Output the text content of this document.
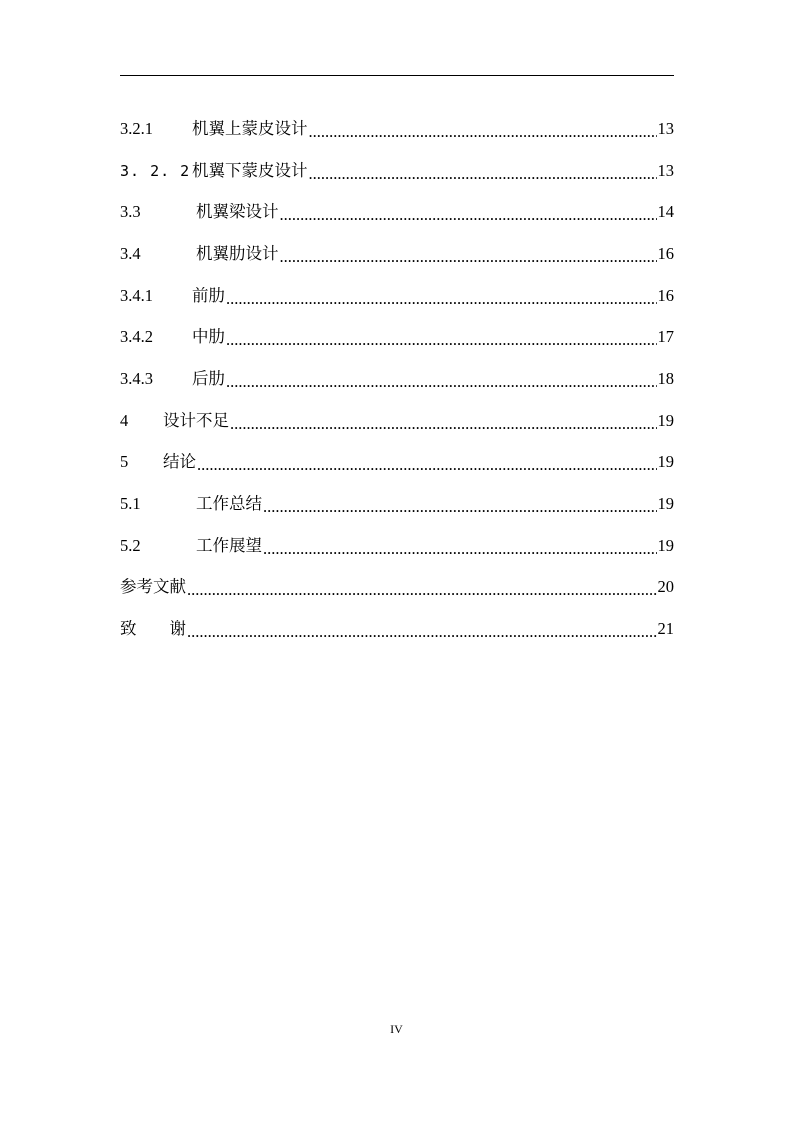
3.2.1	机翼上蒙皮设计 .....	13
3. 2. 2 机翼下蒙皮设计 .....	13
3.3	机翼梁设计 .....	14
3.4	机翼肋设计 .....	16
3.4.1	前肋 .....	16
3.4.2	中肋 .....	17
3.4.3	后肋 .....	18
4	设计不足 .....	19
5	结论 .....	19
5.1	工作总结 .....	19
5.2	工作展望 .....	19
参考文献 .....	20
致　　谢 .....	21
IV
